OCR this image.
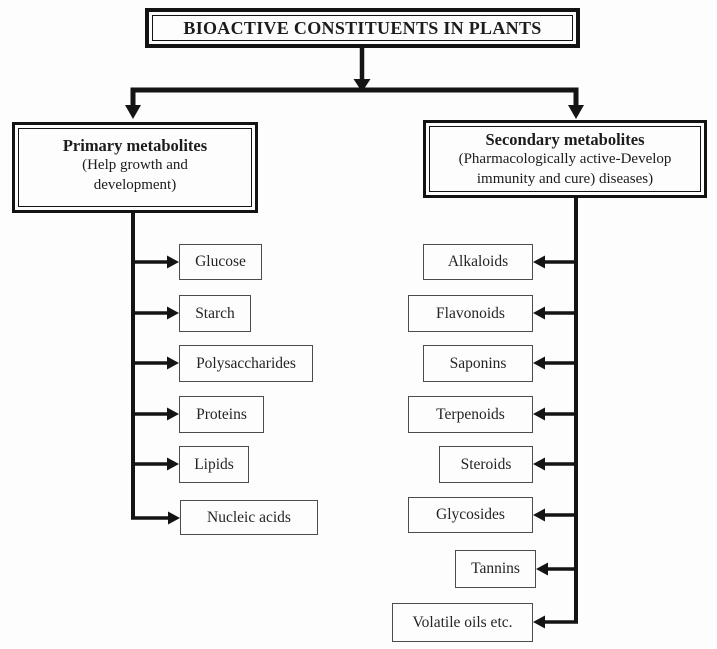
BIOACTIVE CONSTITUENTS IN PLANTS
Primary metabolites
(Help growth and
development)
Secondary metabolites
(Pharmacologically active-Develop
immunity and cure) diseases)
Glucose
Starch
Polysaccharides
Proteins
Lipids
Nucleic acids
Alkaloids
Flavonoids
Saponins
Terpenoids
Steroids
Glycosides
Tannins
Volatile oils etc.
